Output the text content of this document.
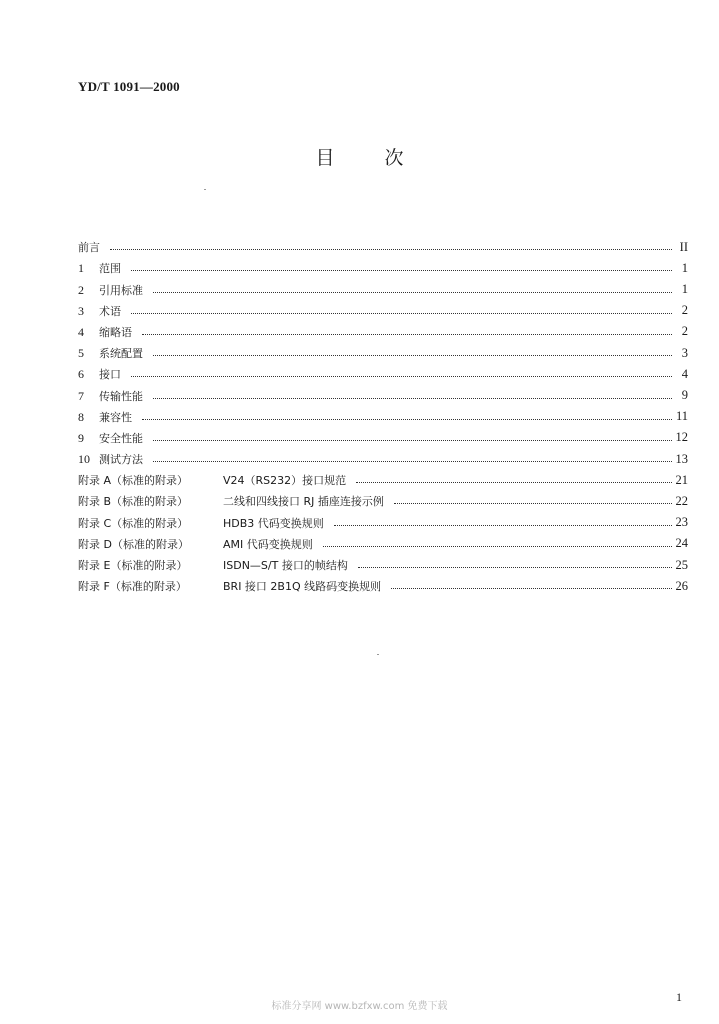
YD/T 1091—2000
目次
前言	II
1	范围	1
2	引用标准	1
3	术语	2
4	缩略语	2
5	系统配置	3
6	接口	4
7	传输性能	9
8	兼容性	11
9	安全性能	12
10 测试方法	13
附录 A（标准的附录）	V24（RS232）接口规范	21
附录 B（标准的附录）	二线和四线接口 RJ 插座连接示例	22
附录 C（标准的附录）	HDB3 代码变换规则	23
附录 D（标准的附录）	AMI 代码变换规则	24
附录 E（标准的附录）	ISDN—S/T 接口的帧结构	25
附录 F（标准的附录）	BRI 接口 2B1Q 线路码变换规则	26
标准分享网 www.bzfxw.com 免费下载
1
